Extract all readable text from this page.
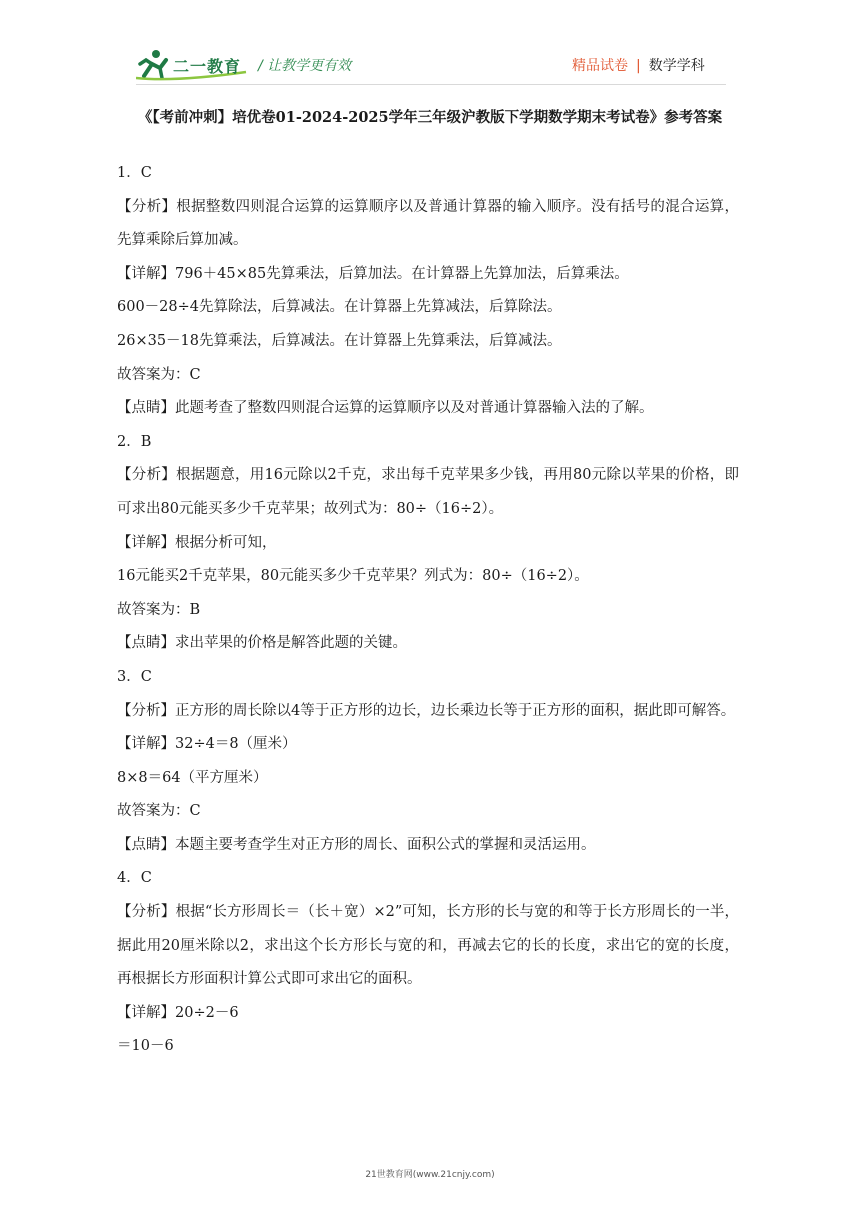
二一教育 / 让教学更有效	精品试卷 | 数学学科
《【考前冲刺】培优卷01-2024-2025学年三年级沪教版下学期数学期末考试卷》参考答案
1．C
【分析】根据整数四则混合运算的运算顺序以及普通计算器的输入顺序。没有括号的混合运算，先算乘除后算加减。
【详解】796＋45×85先算乘法，后算加法。在计算器上先算加法，后算乘法。
600－28÷4先算除法，后算减法。在计算器上先算减法，后算除法。
26×35－18先算乘法，后算减法。在计算器上先算乘法，后算减法。
故答案为：C
【点睛】此题考查了整数四则混合运算的运算顺序以及对普通计算器输入法的了解。
2．B
【分析】根据题意，用16元除以2千克，求出每千克苹果多少钱，再用80元除以苹果的价格，即可求出80元能买多少千克苹果；故列式为：80÷（16÷2）。
【详解】根据分析可知，
16元能买2千克苹果，80元能买多少千克苹果？列式为：80÷（16÷2）。
故答案为：B
【点睛】求出苹果的价格是解答此题的关键。
3．C
【分析】正方形的周长除以4等于正方形的边长，边长乘边长等于正方形的面积，据此即可解答。
【详解】32÷4＝8（厘米）
8×8＝64（平方厘米）
故答案为：C
【点睛】本题主要考查学生对正方形的周长、面积公式的掌握和灵活运用。
4．C
【分析】根据“长方形周长＝（长＋宽）×2”可知，长方形的长与宽的和等于长方形周长的一半，据此用20厘米除以2，求出这个长方形长与宽的和，再减去它的长的长度，求出它的宽的长度，再根据长方形面积计算公式即可求出它的面积。
【详解】20÷2－6
＝10－6
21世教育网(www.21cnjy.com)
